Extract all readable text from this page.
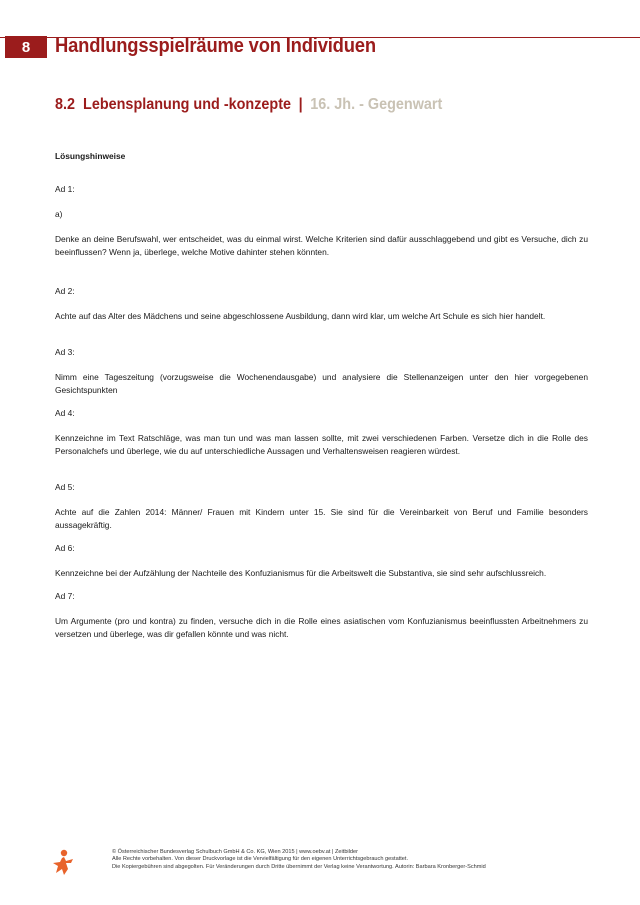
8	Handlungsspielräume von Individuen
8.2 Lebensplanung und -konzepte | 16. Jh. - Gegenwart

Lösungshinweise

Ad 1:

a)

Denke an deine Berufswahl, wer entscheidet, was du einmal wirst. Welche Kriterien sind dafür ausschlaggebend und gibt es Versuche, dich zu beeinflussen? Wenn ja, überlege, welche Motive dahinter stehen könnten.

Ad 2:

Achte auf das Alter des Mädchens und seine abgeschlossene Ausbildung, dann wird klar, um welche Art Schule es sich hier handelt.

Ad 3:

Nimm eine Tageszeitung (vorzugsweise die Wochenendausgabe) und analysiere die Stellenanzeigen unter den hier vorgegebenen Gesichtspunkten

Ad 4:

Kennzeichne im Text Ratschläge, was man tun und was man lassen sollte, mit zwei verschiedenen Farben. Versetze dich in die Rolle des Personalchefs und überlege, wie du auf unterschiedliche Aussagen und Verhaltensweisen reagieren würdest.

Ad 5:

Achte auf die Zahlen 2014: Männer/ Frauen mit Kindern unter 15. Sie sind für die Vereinbarkeit von Beruf und Familie besonders aussagekräftig.

Ad 6:

Kennzeichne bei der Aufzählung der Nachteile des Konfuzianismus für die Arbeitswelt die Substantiva, sie sind sehr aufschlussreich.

Ad 7:

Um Argumente (pro und kontra) zu finden, versuche dich in die Rolle eines asiatischen vom Konfuzianismus beeinflussten Arbeitnehmers zu versetzen und überlege, was dir gefallen könnte und was nicht.

© Österreichischer Bundesverlag Schulbuch GmbH & Co. KG, Wien 2015 | www.oebv.at | Zeitbilder
Alle Rechte vorbehalten. Von dieser Druckvorlage ist die Vervielfältigung für den eigenen Unterrichtsgebrauch gestattet.
Die Kopiergebühren sind abgegolten. Für Veränderungen durch Dritte übernimmt der Verlag keine Verantwortung. Autorin: Barbara Kronberger-Schmid
